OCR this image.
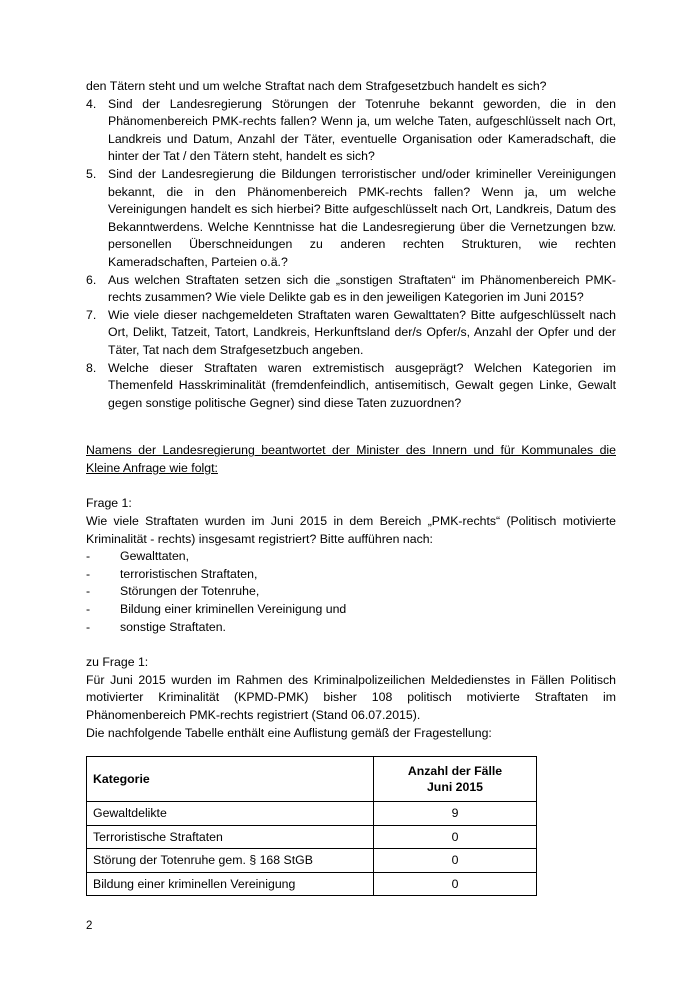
den Tätern steht und um welche Straftat nach dem Strafgesetzbuch handelt es sich?
4. Sind der Landesregierung Störungen der Totenruhe bekannt geworden, die in den Phänomenbereich PMK-rechts fallen? Wenn ja, um welche Taten, aufgeschlüsselt nach Ort, Landkreis und Datum, Anzahl der Täter, eventuelle Organisation oder Kameradschaft, die hinter der Tat / den Tätern steht, handelt es sich?
5. Sind der Landesregierung die Bildungen terroristischer und/oder krimineller Vereinigungen bekannt, die in den Phänomenbereich PMK-rechts fallen? Wenn ja, um welche Vereinigungen handelt es sich hierbei? Bitte aufgeschlüsselt nach Ort, Landkreis, Datum des Bekanntwerdens. Welche Kenntnisse hat die Landesregierung über die Vernetzungen bzw. personellen Überschneidungen zu anderen rechten Strukturen, wie rechten Kameradschaften, Parteien o.ä.?
6. Aus welchen Straftaten setzen sich die „sonstigen Straftaten“ im Phänomenbereich PMK-rechts zusammen? Wie viele Delikte gab es in den jeweiligen Kategorien im Juni 2015?
7. Wie viele dieser nachgemeldeten Straftaten waren Gewalttaten? Bitte aufgeschlüsselt nach Ort, Delikt, Tatzeit, Tatort, Landkreis, Herkunftsland der/s Opfer/s, Anzahl der Opfer und der Täter, Tat nach dem Strafgesetzbuch angeben.
8. Welche dieser Straftaten waren extremistisch ausgeprägt? Welchen Kategorien im Themenfeld Hasskriminalität (fremdenfeindlich, antisemitisch, Gewalt gegen Linke, Gewalt gegen sonstige politische Gegner) sind diese Taten zuzuordnen?
Namens der Landesregierung beantwortet der Minister des Innern und für Kommunales die Kleine Anfrage wie folgt:
Frage 1:
Wie viele Straftaten wurden im Juni 2015 in dem Bereich „PMK-rechts“ (Politisch motivierte Kriminalität - rechts) insgesamt registriert? Bitte aufführen nach:
- Gewalttaten,
- terroristischen Straftaten,
- Störungen der Totenruhe,
- Bildung einer kriminellen Vereinigung und
- sonstige Straftaten.
zu Frage 1:
Für Juni 2015 wurden im Rahmen des Kriminalpolizeilichen Meldedienstes in Fällen Politisch motivierter Kriminalität (KPMD-PMK) bisher 108 politisch motivierte Straftaten im Phänomenbereich PMK-rechts registriert (Stand 06.07.2015).
Die nachfolgende Tabelle enthält eine Auflistung gemäß der Fragestellung:
Kategorie	Anzahl der Fälle
Juni 2015

Gewaltdelikte	9
Terroristische Straftaten	0
Störung der Totenruhe gem. § 168 StGB	0
Bildung einer kriminellen Vereinigung	0
2
